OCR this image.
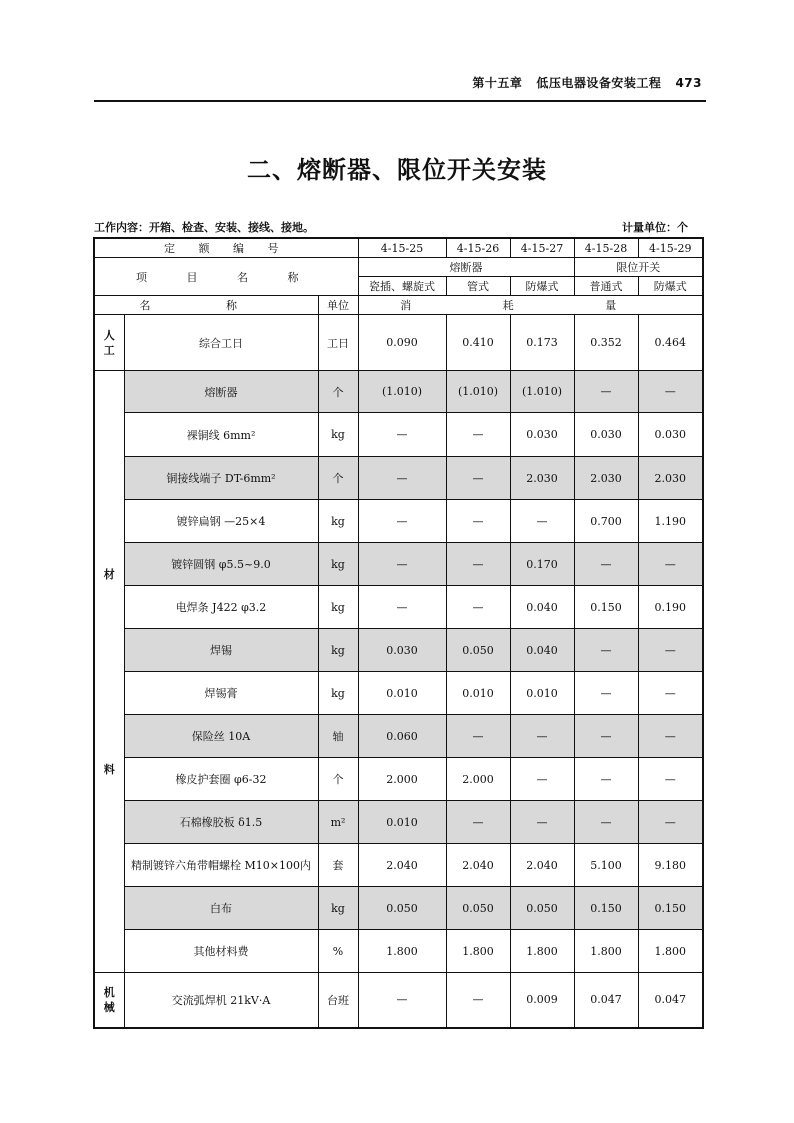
第十五章 低压电器设备安装工程 473
二、熔断器、限位开关安装
工作内容：开箱、检查、安装、接线、接地。	计量单位：个
定 额 编 号			4-15-25	4-15-26	4-15-27	4-15-28	4-15-29
项 目 名 称			熔断器			限位开关	
			瓷插、螺旋式	管式	防爆式	普通式	防爆式
名 称		单位	消 耗 量				

人
工	综合工日	工日	0.090	0.410	0.173	0.352	0.464

材
料	熔断器	个	(1.010)	(1.010)	(1.010)	—	—
	裸铜线 6mm²	kg	—	—	0.030	0.030	0.030
	铜接线端子 DT-6mm²	个	—	—	2.030	2.030	2.030
	镀锌扁钢 —25×4	kg	—	—	—	0.700	1.190
	镀锌圆钢 φ5.5~9.0	kg	—	—	0.170	—	—
	电焊条 J422 φ3.2	kg	—	—	0.040	0.150	0.190
	焊锡	kg	0.030	0.050	0.040	—	—
	焊锡膏	kg	0.010	0.010	0.010	—	—
	保险丝 10A	轴	0.060	—	—	—	—
	橡皮护套圈 φ6-32	个	2.000	2.000	—	—	—
	石棉橡胶板 δ1.5	m²	0.010	—	—	—	—
	精制镀锌六角带帽螺栓 M10×100内	套	2.040	2.040	2.040	5.100	9.180
	白布	kg	0.050	0.050	0.050	0.150	0.150
	其他材料费	%	1.800	1.800	1.800	1.800	1.800

机
械	交流弧焊机 21kV·A	台班	—	—	0.009	0.047	0.047
